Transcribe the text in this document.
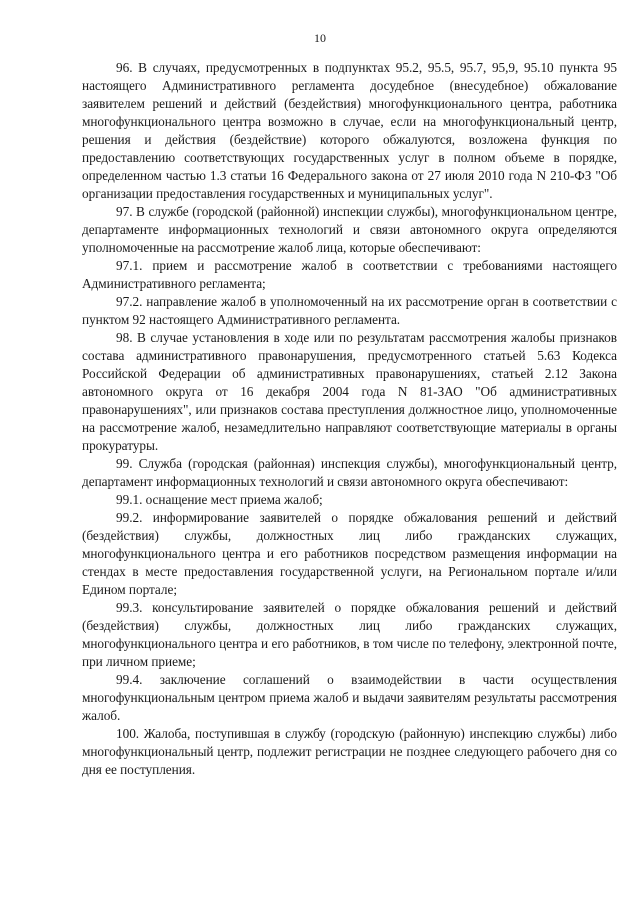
10

96. В случаях, предусмотренных в подпунктах 95.2, 95.5, 95.7, 95,9, 95.10 пункта 95 настоящего Административного регламента досудебное (внесудебное) обжалование заявителем решений и действий (бездействия) многофункционального центра, работника многофункционального центра возможно в случае, если на многофункциональный центр, решения и действия (бездействие) которого обжалуются, возложена функция по предоставлению соответствующих государственных услуг в полном объеме в порядке, определенном частью 1.3 статьи 16 Федерального закона от 27 июля 2010 года N 210-ФЗ "Об организации предоставления государственных и муниципальных услуг".

97. В службе (городской (районной) инспекции службы), многофункциональном центре, департаменте информационных технологий и связи автономного округа определяются уполномоченные на рассмотрение жалоб лица, которые обеспечивают:

97.1. прием и рассмотрение жалоб в соответствии с требованиями настоящего Административного регламента;

97.2. направление жалоб в уполномоченный на их рассмотрение орган в соответствии с пунктом 92 настоящего Административного регламента.

98. В случае установления в ходе или по результатам рассмотрения жалобы признаков состава административного правонарушения, предусмотренного статьей 5.63 Кодекса Российской Федерации об административных правонарушениях, статьей 2.12 Закона автономного округа от 16 декабря 2004 года N 81-ЗАО "Об административных правонарушениях", или признаков состава преступления должностное лицо, уполномоченные на рассмотрение жалоб, незамедлительно направляют соответствующие материалы в органы прокуратуры.

99. Служба (городская (районная) инспекция службы), многофункциональный центр, департамент информационных технологий и связи автономного округа обеспечивают:

99.1. оснащение мест приема жалоб;

99.2. информирование заявителей о порядке обжалования решений и действий (бездействия) службы, должностных лиц либо гражданских служащих, многофункционального центра и его работников посредством размещения информации на стендах в месте предоставления государственной услуги, на Региональном портале и/или Едином портале;

99.3. консультирование заявителей о порядке обжалования решений и действий (бездействия) службы, должностных лиц либо гражданских служащих, многофункционального центра и его работников, в том числе по телефону, электронной почте, при личном приеме;

99.4. заключение соглашений о взаимодействии в части осуществления многофункциональным центром приема жалоб и выдачи заявителям результаты рассмотрения жалоб.

100. Жалоба, поступившая в службу (городскую (районную) инспекцию службы) либо многофункциональный центр, подлежит регистрации не позднее следующего рабочего дня со дня ее поступления.
